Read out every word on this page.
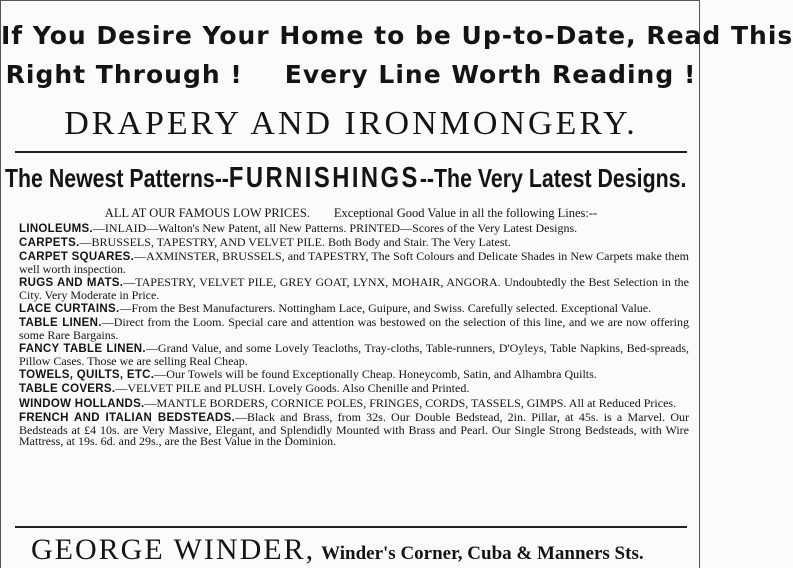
If You Desire Your Home to be Up-to-Date, Read This
Right Through ! Every Line Worth Reading !
DRAPERY AND IRONMONGERY.
The Newest Patterns--FURNISHINGS--The Very Latest Designs.
ALL AT OUR FAMOUS LOW PRICES. Exceptional Good Value in all the following Lines:--

LINOLEUMS.—INLAID—Walton's New Patent, all New Patterns. PRINTED—Scores of the Very Latest Designs.

CARPETS.—BRUSSELS, TAPESTRY, AND VELVET PILE. Both Body and Stair. The Very Latest.

CARPET SQUARES.—AXMINSTER, BRUSSELS, and TAPESTRY, The Soft Colours and Delicate Shades in New Carpets make them well worth inspection.

RUGS AND MATS.—TAPESTRY, VELVET PILE, GREY GOAT, LYNX, MOHAIR, ANGORA. Undoubtedly the Best Selection in the City. Very Moderate in Price.

LACE CURTAINS.—From the Best Manufacturers. Nottingham Lace, Guipure, and Swiss. Carefully selected. Exceptional Value.

TABLE LINEN.—Direct from the Loom. Special care and attention was bestowed on the selection of this line, and we are now offering some Rare Bargains.

FANCY TABLE LINEN.—Grand Value, and some Lovely Teacloths, Tray-cloths, Table-runners, D'Oyleys, Table Napkins, Bed-spreads, Pillow Cases. Those we are selling Real Cheap.

TOWELS, QUILTS, ETC.—Our Towels will be found Exceptionally Cheap. Honeycomb, Satin, and Alhambra Quilts.

TABLE COVERS.—VELVET PILE and PLUSH. Lovely Goods. Also Chenille and Printed.

WINDOW HOLLANDS.—MANTLE BORDERS, CORNICE POLES, FRINGES, CORDS, TASSELS, GIMPS. All at Reduced Prices.

FRENCH AND ITALIAN BEDSTEADS.—Black and Brass, from 32s. Our Double Bedstead, 2in. Pillar, at 45s. is a Marvel. Our Bedsteads at £4 10s. are Very Massive, Elegant, and Splendidly Mounted with Brass and Pearl. Our Single Strong Bedsteads, with Wire Mattress, at 19s. 6d. and 29s., are the Best Value in the Dominion.

GEORGE WINDER, Winder's Corner, Cuba & Manners Sts.
